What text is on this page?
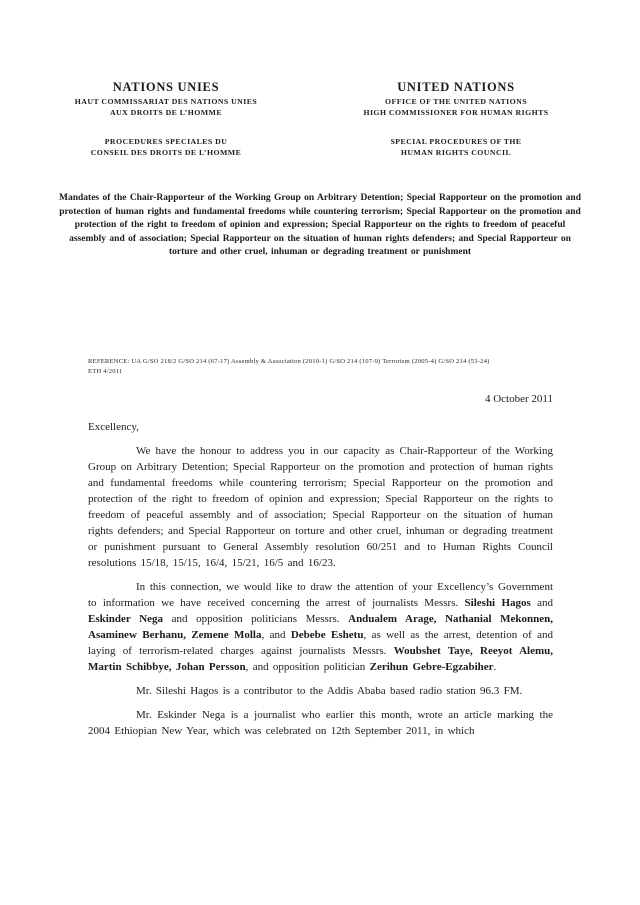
NATIONS UNIES
HAUT COMMISSARIAT DES NATIONS UNIES
AUX DROITS DE L’HOMME
PROCEDURES SPECIALES DU
CONSEIL DES DROITS DE L’HOMME
UNITED NATIONS
OFFICE OF THE UNITED NATIONS
HIGH COMMISSIONER FOR HUMAN RIGHTS
SPECIAL PROCEDURES OF THE
HUMAN RIGHTS COUNCIL
Mandates of the Chair-Rapporteur of the Working Group on Arbitrary Detention; Special Rapporteur on the promotion and protection of human rights and fundamental freedoms while countering terrorism; Special Rapporteur on the promotion and protection of the right to freedom of opinion and expression; Special Rapporteur on the rights to freedom of peaceful assembly and of association; Special Rapporteur on the situation of human rights defenders; and Special Rapporteur on torture and other cruel, inhuman or degrading treatment or punishment
REFERENCE: UA G/SO 218/2 G/SO 214 (67-17) Assembly & Association (2010-1) G/SO 214 (107-9) Terrorism (2005-4) G/SO 214 (53-24)
ETH 4/2011
4 October 2011
Excellency,

We have the honour to address you in our capacity as Chair-Rapporteur of the Working Group on Arbitrary Detention; Special Rapporteur on the promotion and protection of human rights and fundamental freedoms while countering terrorism; Special Rapporteur on the promotion and protection of the right to freedom of opinion and expression; Special Rapporteur on the rights to freedom of peaceful assembly and of association; Special Rapporteur on the situation of human rights defenders; and Special Rapporteur on torture and other cruel, inhuman or degrading treatment or punishment pursuant to General Assembly resolution 60/251 and to Human Rights Council resolutions 15/18, 15/15, 16/4, 15/21, 16/5 and 16/23.

In this connection, we would like to draw the attention of your Excellency’s Government to information we have received concerning the arrest of journalists Messrs. Sileshi Hagos and Eskinder Nega and opposition politicians Messrs. Andualem Arage, Nathanial Mekonnen, Asaminew Berhanu, Zemene Molla, and Debebe Eshetu, as well as the arrest, detention of and laying of terrorism-related charges against journalists Messrs. Woubshet Taye, Reeyot Alemu, Martin Schibbye, Johan Persson, and opposition politician Zerihun Gebre-Egzabiher.

Mr. Sileshi Hagos is a contributor to the Addis Ababa based radio station 96.3 FM.

Mr. Eskinder Nega is a journalist who earlier this month, wrote an article marking the 2004 Ethiopian New Year, which was celebrated on 12th September 2011, in which
